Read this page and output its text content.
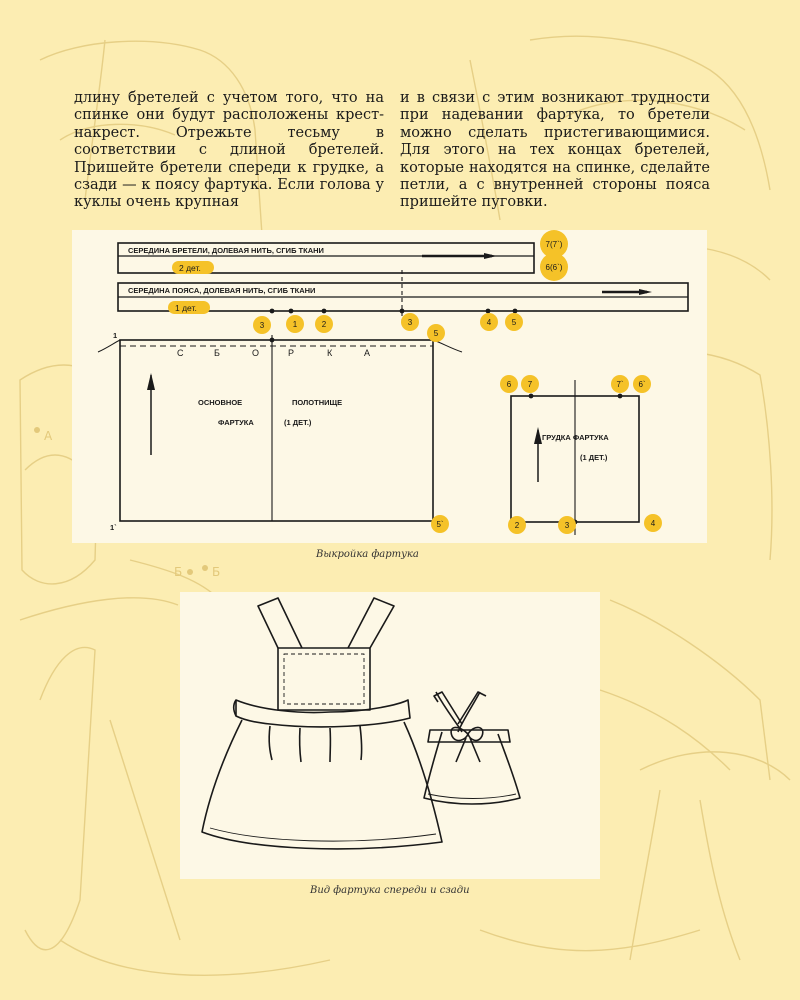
А
Б Б
длину бретелей с учетом того, что на спинке они будут расположены крест-накрест. Отрежьте тесьму в соответствии с длиной бретелей. Пришейте бретели спереди к грудке, а сзади — к поясу фартука. Если голова у куклы очень крупная
и в связи с этим возникают трудности при надевании фартука, то бретели можно сделать пристегивающимися. Для этого на тех концах бретелей, которые находятся на спинке, сделайте петли, а с внутренней стороны пояса пришейте пуговки.
СЕРЕДИНА БРЕТЕЛИ, ДОЛЕВАЯ НИТЬ, СГИБ ТКАНИ
СЕРЕДИНА ПОЯСА, ДОЛЕВАЯ НИТЬ, СГИБ ТКАНИ
ОСНОВНОЕ	ПОЛОТНИЩЕ
ФАРТУКА	(1 ДЕТ.)
ГРУДКА ФАРТУКА
(1 ДЕТ.)
1
1`
С	Б	О	Р	К	А
2 дет.
1 дет.
7(7`)
6(6`)
3	1	2	3	4	5
5
5`
6 7	7` 6`
2	3	4
Выкройка фартука
Вид фартука спереди и сзади
